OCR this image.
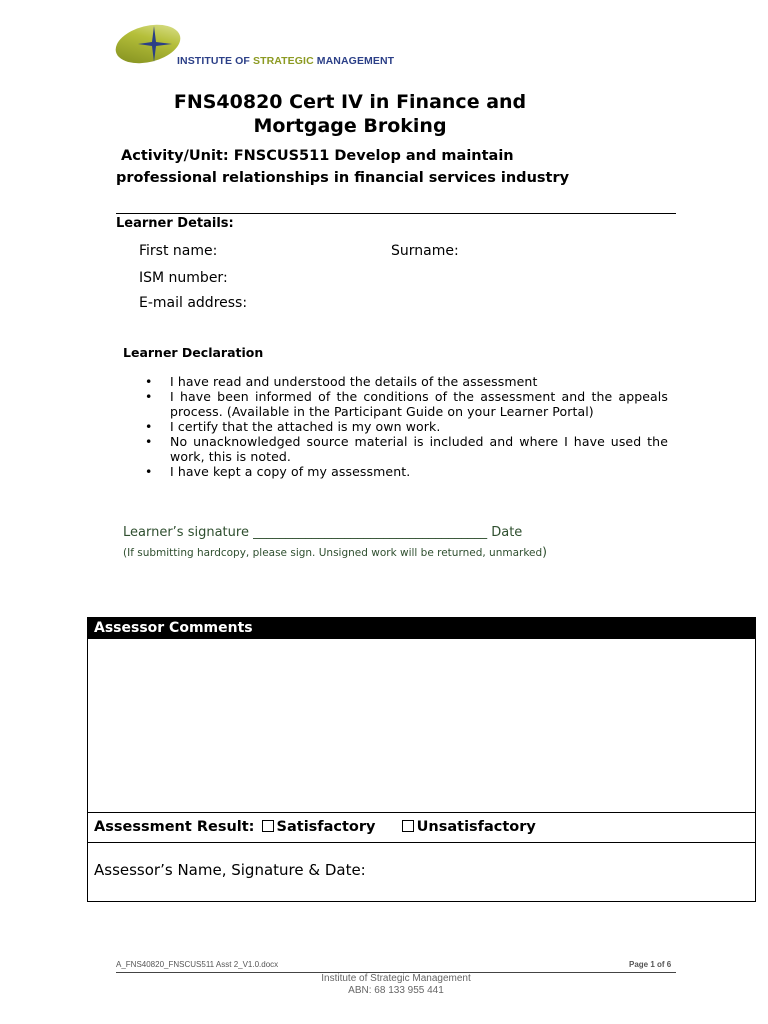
INSTITUTE OF STRATEGIC MANAGEMENT
FNS40820 Cert IV in Finance and
Mortgage Broking
Activity/Unit: FNSCUS511 Develop and maintain
professional relationships in financial services industry
Learner Details:
First name:	Surname:
ISM number:
E-mail address:
Learner Declaration
• I have read and understood the details of the assessment
• I have been informed of the conditions of the assessment and the appeals process. (Available in the Participant Guide on your Learner Portal)
• I certify that the attached is my own work.
• No unacknowledged source material is included and where I have used the work, this is noted.
• I have kept a copy of my assessment.
Learner’s signature ____________________________________ Date
(If submitting hardcopy, please sign. Unsigned work will be returned, unmarked)
Assessor Comments
Assessment Result: Satisfactory	Unsatisfactory
Assessor’s Name, Signature & Date:
A_FNS40820_FNSCUS511 Asst 2_V1.0.docx	Page 1 of 6
Institute of Strategic Management
ABN: 68 133 955 441
